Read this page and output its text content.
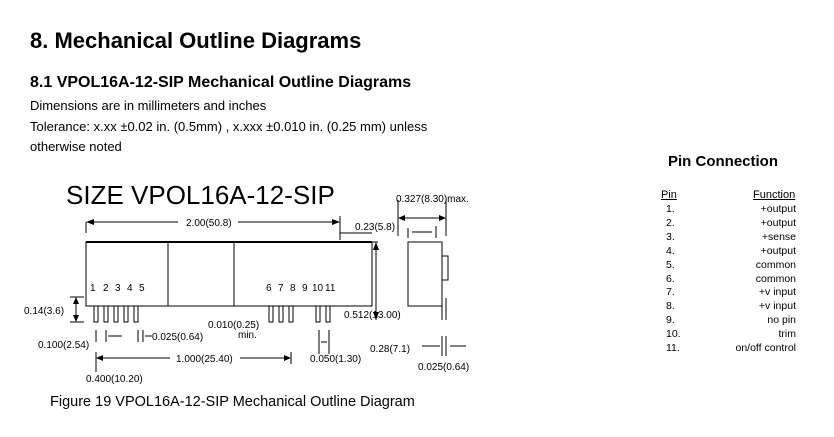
8. Mechanical Outline Diagrams
8.1 VPOL16A-12-SIP Mechanical Outline Diagrams
Dimensions are in millimeters and inches
Tolerance: x.xx ±0.02 in. (0.5mm) , x.xxx ±0.010 in. (0.25 mm) unless
otherwise noted
SIZE VPOL16A-12-SIP	0.327(8.30)max.
2.00(50.8)	0.23(5.8)
0.512(13.00)
0.14(3.6)
0.100(2.54)
0.025(0.64)
0.010(0.25)
min.
1.000(25.40)
0.400(10.20)
0.050(1.30)
0.28(7.1)
0.025(0.64)
1 2 3 4 5	6 7 8 9 10 11
Pin Connection
Pin	Function
1.	+output
2.	+output
3.	+sense
4.	+output
5.	common
6.	common
7.	+v input
8.	+v input
9.	no pin
10.	trim
11.	on/off control
Figure 19 VPOL16A-12-SIP Mechanical Outline Diagram
